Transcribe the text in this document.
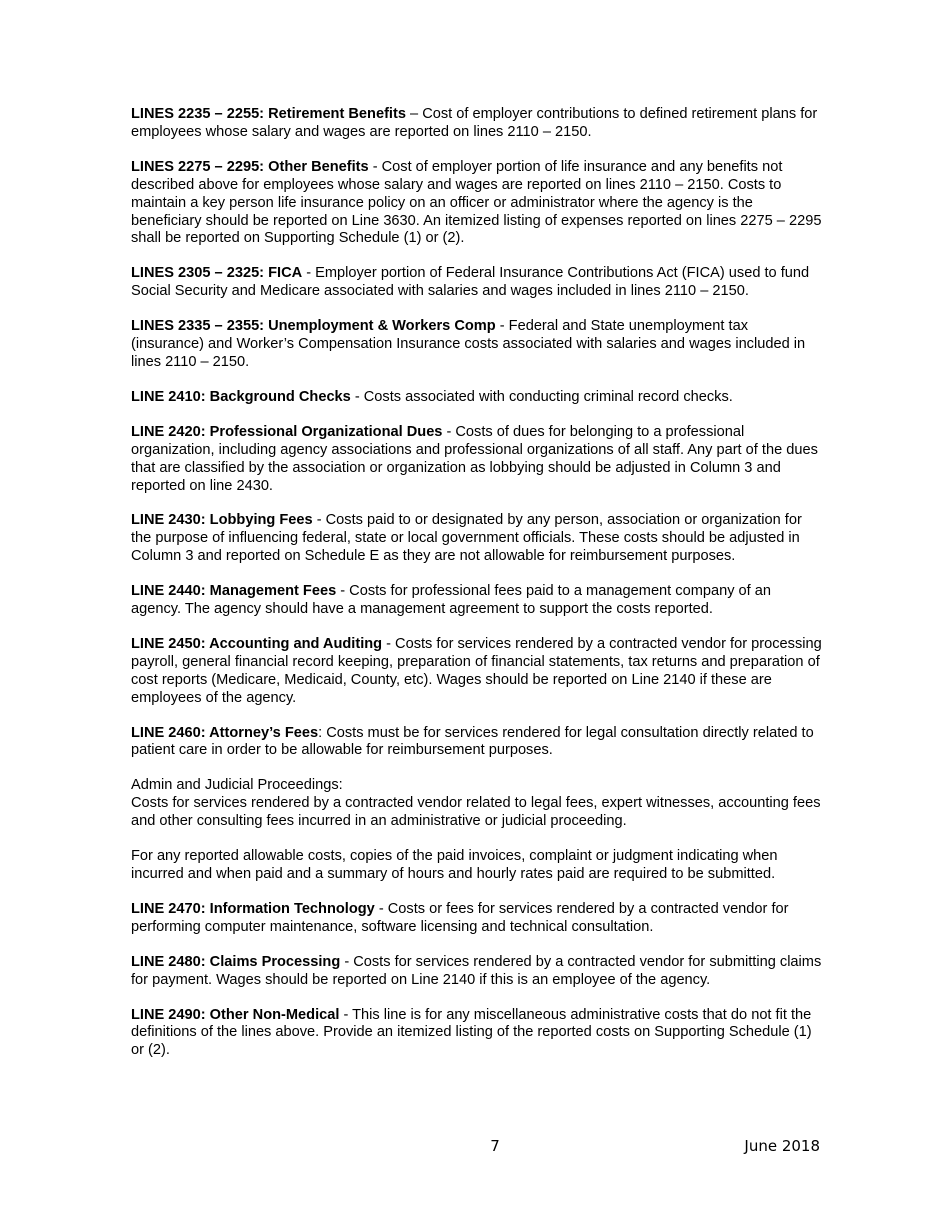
LINES 2235 – 2255: Retirement Benefits – Cost of employer contributions to defined retirement plans for employees whose salary and wages are reported on lines 2110 – 2150.

LINES 2275 – 2295: Other Benefits - Cost of employer portion of life insurance and any benefits not described above for employees whose salary and wages are reported on lines 2110 – 2150. Costs to maintain a key person life insurance policy on an officer or administrator where the agency is the beneficiary should be reported on Line 3630. An itemized listing of expenses reported on lines 2275 – 2295 shall be reported on Supporting Schedule (1) or (2).

LINES 2305 – 2325: FICA - Employer portion of Federal Insurance Contributions Act (FICA) used to fund Social Security and Medicare associated with salaries and wages included in lines 2110 – 2150.

LINES 2335 – 2355: Unemployment & Workers Comp - Federal and State unemployment tax (insurance) and Worker’s Compensation Insurance costs associated with salaries and wages included in lines 2110 – 2150.

LINE 2410: Background Checks - Costs associated with conducting criminal record checks.

LINE 2420: Professional Organizational Dues - Costs of dues for belonging to a professional organization, including agency associations and professional organizations of all staff. Any part of the dues that are classified by the association or organization as lobbying should be adjusted in Column 3 and reported on line 2430.

LINE 2430: Lobbying Fees - Costs paid to or designated by any person, association or organization for the purpose of influencing federal, state or local government officials. These costs should be adjusted in Column 3 and reported on Schedule E as they are not allowable for reimbursement purposes.

LINE 2440: Management Fees - Costs for professional fees paid to a management company of an agency. The agency should have a management agreement to support the costs reported.

LINE 2450: Accounting and Auditing - Costs for services rendered by a contracted vendor for processing payroll, general financial record keeping, preparation of financial statements, tax returns and preparation of cost reports (Medicare, Medicaid, County, etc). Wages should be reported on Line 2140 if these are employees of the agency.

LINE 2460: Attorney’s Fees: Costs must be for services rendered for legal consultation directly related to patient care in order to be allowable for reimbursement purposes.

Admin and Judicial Proceedings:

Costs for services rendered by a contracted vendor related to legal fees, expert witnesses, accounting fees and other consulting fees incurred in an administrative or judicial proceeding.

For any reported allowable costs, copies of the paid invoices, complaint or judgment indicating when incurred and when paid and a summary of hours and hourly rates paid are required to be submitted.

LINE 2470: Information Technology - Costs or fees for services rendered by a contracted vendor for performing computer maintenance, software licensing and technical consultation.

LINE 2480: Claims Processing - Costs for services rendered by a contracted vendor for submitting claims for payment. Wages should be reported on Line 2140 if this is an employee of the agency.

LINE 2490: Other Non-Medical - This line is for any miscellaneous administrative costs that do not fit the definitions of the lines above. Provide an itemized listing of the reported costs on Supporting Schedule (1) or (2).

7	June 2018
